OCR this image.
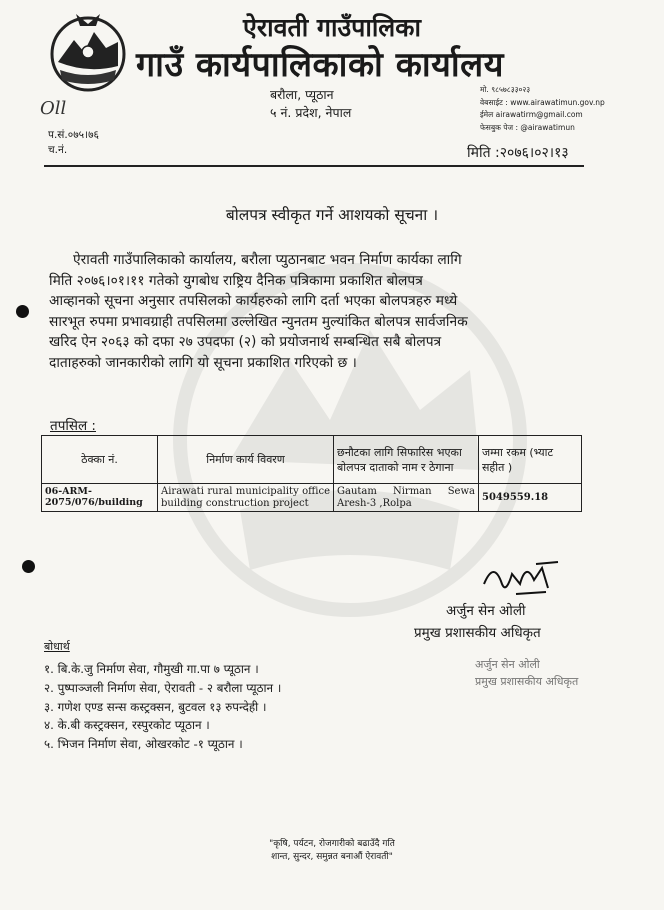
ऐरावती गाउँपालिका
गाउँ कार्यपालिकाको कार्यालय
बरौला, प्यूठान
५ नं. प्रदेश, नेपाल
मो. ९८५७८३३०२३
वेबसाईट : www.airawatimun.gov.np
ईमेल airawatirm@gmail.com
फेसबुक पेज : @airawatimun
Oll
प.सं.०७५।७६
च.नं.	मिति :२०७६।०२।१३
बोलपत्र स्वीकृत गर्ने आशयको सूचना ।
ऐरावती गाउँपालिकाको कार्यालय, बरौला प्युठानबाट भवन निर्माण कार्यका लागि
मिति २०७६।०१।११ गतेको युगबोध राष्ट्रिय दैनिक पत्रिकामा प्रकाशित बोलपत्र
आव्हानको सूचना अनुसार तपसिलको कार्यहरुको लागि दर्ता भएका बोलपत्रहरु मध्ये
सारभूत रुपमा प्रभावग्राही तपसिलमा उल्लेखित न्युनतम मुल्यांकित बोलपत्र सार्वजनिक
खरिद ऐन २०६३ को दफा २७ उपदफा (२) को प्रयोजनार्थ सम्बन्धित सबै बोलपत्र
दाताहरुको जानकारीको लागि यो सूचना प्रकाशित गरिएको छ ।
तपसिल :
ठेक्का नं.	निर्माण कार्य विवरण	छनौटका लागि सिफारिस भएका बोलपत्र दाताको नाम र ठेगाना	जम्मा रकम (भ्याट सहीत )
06-ARM-2075/076/building	Airawati rural municipality office building construction project	Gautam Nirman Sewa Aresh-3 ,Rolpa	5049559.18
अर्जुन सेन ओली
प्रमुख प्रशासकीय अधिकृत
अर्जुन सेन ओली
प्रमुख प्रशासकीय अधिकृत
बोधार्थ
१. बि.के.जु निर्माण सेवा, गौमुखी गा.पा ७ प्यूठान ।
२. पुष्पाञ्जली निर्माण सेवा, ऐरावती - २ बरौला प्यूठान ।
३. गणेश एण्ड सन्स कस्ट्रक्सन, बुटवल १३ रुपन्देही ।
४. के.बी कस्ट्रक्सन, रस्पुरकोट प्यूठान ।
५. भिजन निर्माण सेवा, ओखरकोट -१ प्यूठान ।
"कृषि, पर्यटन, रोजगारीको बढाउँदै गति
शान्त, सुन्दर, समुन्नत बनाऔं ऐरावती"
